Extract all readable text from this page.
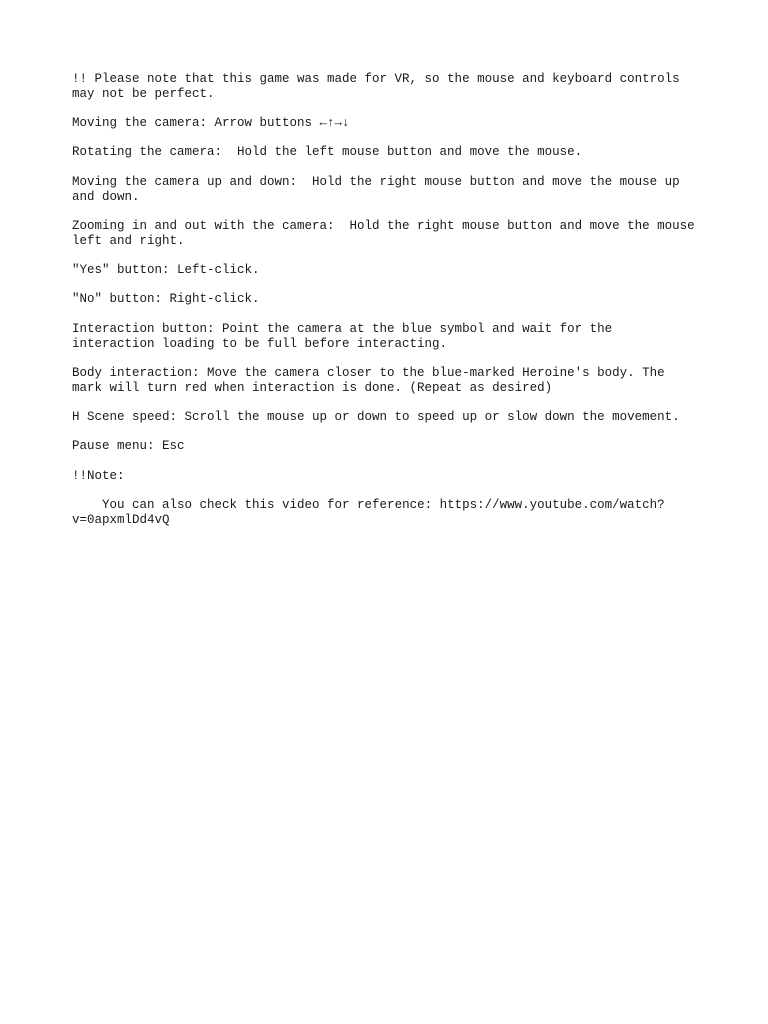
!! Please note that this game was made for VR, so the mouse and keyboard controls
may not be perfect.

Moving the camera: Arrow buttons ←↑→↓

Rotating the camera:  Hold the left mouse button and move the mouse.

Moving the camera up and down:  Hold the right mouse button and move the mouse up
and down.

Zooming in and out with the camera:  Hold the right mouse button and move the mouse
left and right.

"Yes" button: Left-click.

"No" button: Right-click.

Interaction button: Point the camera at the blue symbol and wait for the
interaction loading to be full before interacting.

Body interaction: Move the camera closer to the blue-marked Heroine's body. The
mark will turn red when interaction is done. (Repeat as desired)

H Scene speed: Scroll the mouse up or down to speed up or slow down the movement.

Pause menu: Esc

!!Note:

You can also check this video for reference: https://www.youtube.com/watch?
v=0apxmlDd4vQ
